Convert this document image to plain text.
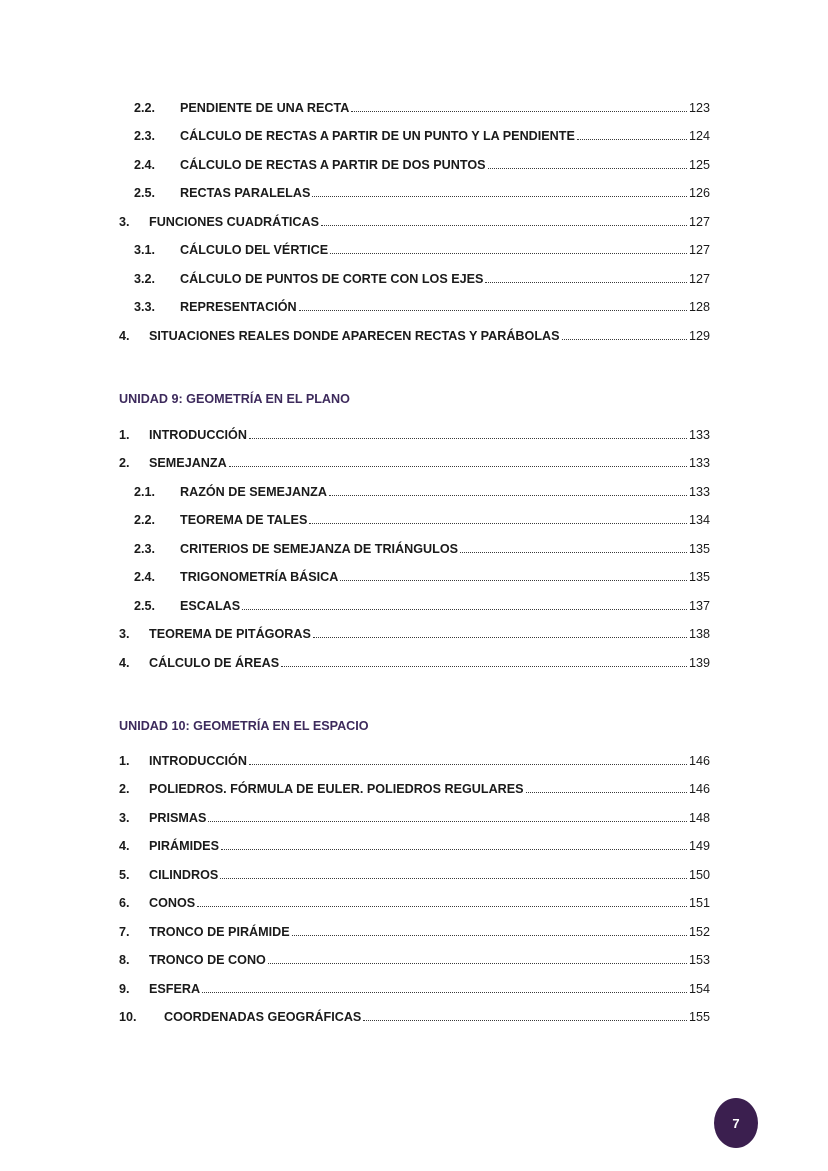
2.2.	PENDIENTE DE UNA RECTA	123
2.3.	CÁLCULO DE RECTAS A PARTIR DE UN PUNTO Y LA PENDIENTE	124
2.4.	CÁLCULO DE RECTAS A PARTIR DE DOS PUNTOS	125
2.5.	RECTAS PARALELAS	126
3.	FUNCIONES CUADRÁTICAS	127
3.1.	CÁLCULO DEL VÉRTICE	127
3.2.	CÁLCULO DE PUNTOS DE CORTE CON LOS EJES	127
3.3.	REPRESENTACIÓN	128
4.	SITUACIONES REALES DONDE APARECEN RECTAS Y PARÁBOLAS	129
UNIDAD 9: GEOMETRÍA EN EL PLANO
1.	INTRODUCCIÓN	133
2.	SEMEJANZA	133
2.1.	RAZÓN DE SEMEJANZA	133
2.2.	TEOREMA DE TALES	134
2.3.	CRITERIOS DE SEMEJANZA DE TRIÁNGULOS	135
2.4.	TRIGONOMETRÍA BÁSICA	135
2.5.	ESCALAS	137
3.	TEOREMA DE PITÁGORAS	138
4.	CÁLCULO DE ÁREAS	139
UNIDAD 10: GEOMETRÍA EN EL ESPACIO
1.	INTRODUCCIÓN	146
2.	POLIEDROS. FÓRMULA DE EULER. POLIEDROS REGULARES	146
3.	PRISMAS	148
4.	PIRÁMIDES	149
5.	CILINDROS	150
6.	CONOS	151
7.	TRONCO DE PIRÁMIDE	152
8.	TRONCO DE CONO	153
9.	ESFERA	154
10.	COORDENADAS GEOGRÁFICAS	155
7
